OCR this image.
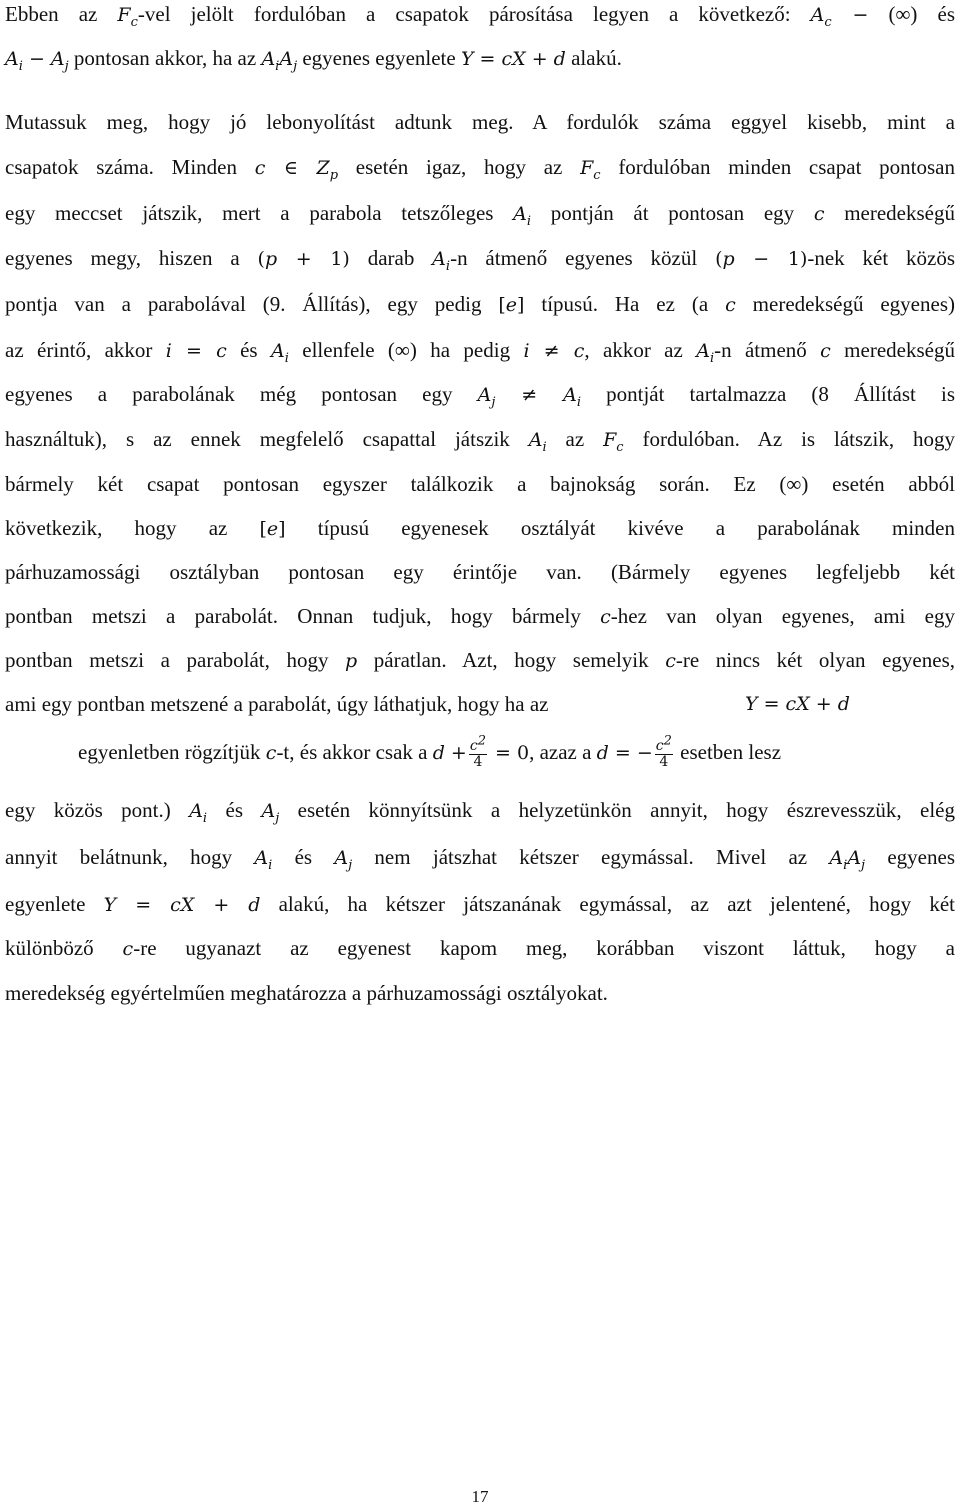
Ebben az $F_c$-vel jelölt fordulóban a csapatok párosítása legyen a következő: $A_c$ − (∞) és
$A_i - A_j$ pontosan akkor, ha az $A_iA_j$ egyenes egyenlete Y = cX + d alakú.
Mutassuk meg, hogy jó lebonyolítást adtunk meg. A fordulók száma eggyel kisebb, mint a
csapatok száma. Minden c ∈ $Z_p$ esetén igaz, hogy az $F_c$ fordulóban minden csapat pontosan
egy meccset játszik, mert a parabola tetszőleges $A_i$ pontján át pontosan egy c meredekségű
egyenes megy, hiszen a (p + 1) darab $A_i-n$ átmenő egyenes közül (p − 1)-nek két közös
pontja van a parabolával (9. Állítás), egy pedig [e] típusú. Ha ez (a c meredekségű egyenes)
az érintő, akkor i = c és $A_i$ ellenfele (∞) ha pedig i ≠ c, akkor az $A_i-n$ átmenő c meredekségű
egyenes a parabolának még pontosan egy $A_j \ne A_i$ pontját tartalmazza (8 Állítást is
használtuk), s az ennek megfelelő csapattal játszik $A_i$ az $F_c$ fordulóban. Az is látszik, hogy
bármely két csapat pontosan egyszer találkozik a bajnokság során. Ez (∞) esetén abból
következik, hogy az [e] típusú egyenesek osztályát kivéve a parabolának minden
párhuzamossági osztályban pontosan egy érintője van. (Bármely egyenes legfeljebb két
pontban metszi a parabolát. Onnan tudjuk, hogy bármely c-hez van olyan egyenes, ami egy
pontban metszi a parabolát, hogy p páratlan. Azt, hogy semelyik c-re nincs két olyan egyenes,
ami egy pontban metszené a parabolát, úgy láthatjuk, hogy ha az	Y = cX + d
egyenletben rögzítjük c-t, és akkor csak a $d + \frac{c^2}{4} = 0$, azaz a d = − $\frac{c^2}{4}$ esetben lesz
egy közös pont.) $A_i$ és $A_j$ esetén könnyítsünk a helyzetünkön annyit, hogy észrevesszük, elég
annyit belátnunk, hogy $A_i$ és $A_j$ nem játszhat kétszer egymással. Mivel az $A_iA_j$ egyenes
egyenlete Y = cX + d alakú, ha kétszer játszanának egymással, az azt jelentené, hogy két
különböző c-re ugyanazt az egyenest kapom meg, korábban viszont láttuk, hogy a
meredekség egyértelműen meghatározza a párhuzamossági osztályokat.
17
